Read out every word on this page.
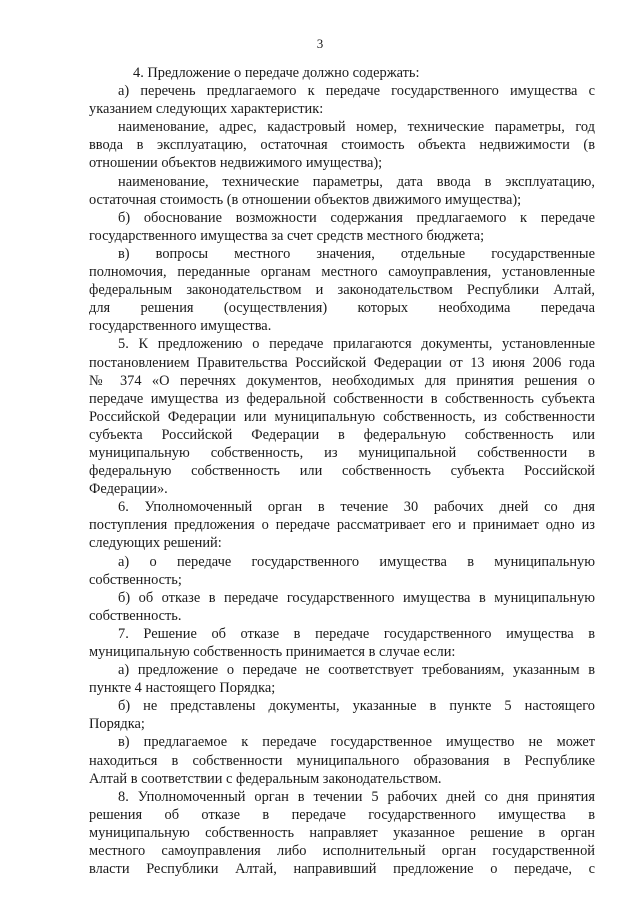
3
4. Предложение о передаче должно содержать:
а) перечень предлагаемого к передаче государственного имущества с
указанием следующих характеристик:
наименование, адрес, кадастровый номер, технические параметры, год
ввода в эксплуатацию, остаточная стоимость объекта недвижимости (в
отношении объектов недвижимого имущества);
наименование, технические параметры, дата ввода в эксплуатацию,
остаточная стоимость (в отношении объектов движимого имущества);
б) обоснование возможности содержания предлагаемого к передаче
государственного имущества за счет средств местного бюджета;
в) вопросы местного значения, отдельные государственные
полномочия, переданные органам местного самоуправления, установленные
федеральным законодательством и законодательством Республики Алтай,
для решения (осуществления) которых необходима передача
государственного имущества.
5. К предложению о передаче прилагаются документы, установленные
постановлением Правительства Российской Федерации от 13 июня 2006 года
№ 374 «О перечнях документов, необходимых для принятия решения о
передаче имущества из федеральной собственности в собственность субъекта
Российской Федерации или муниципальную собственность, из собственности
субъекта Российской Федерации в федеральную собственность или
муниципальную собственность, из муниципальной собственности в
федеральную собственность или собственность субъекта Российской
Федерации».
6. Уполномоченный орган в течение 30 рабочих дней со дня
поступления предложения о передаче рассматривает его и принимает одно из
следующих решений:
а) о передаче государственного имущества в муниципальную
собственность;
б) об отказе в передаче государственного имущества в муниципальную
собственность.
7. Решение об отказе в передаче государственного имущества в
муниципальную собственность принимается в случае если:
а) предложение о передаче не соответствует требованиям, указанным в
пункте 4 настоящего Порядка;
б) не представлены документы, указанные в пункте 5 настоящего
Порядка;
в) предлагаемое к передаче государственное имущество не может
находиться в собственности муниципального образования в Республике
Алтай в соответствии с федеральным законодательством.
8. Уполномоченный орган в течении 5 рабочих дней со дня принятия
решения об отказе в передаче государственного имущества в
муниципальную собственность направляет указанное решение в орган
местного самоуправления либо исполнительный орган государственной
власти Республики Алтай, направивший предложение о передаче, с
